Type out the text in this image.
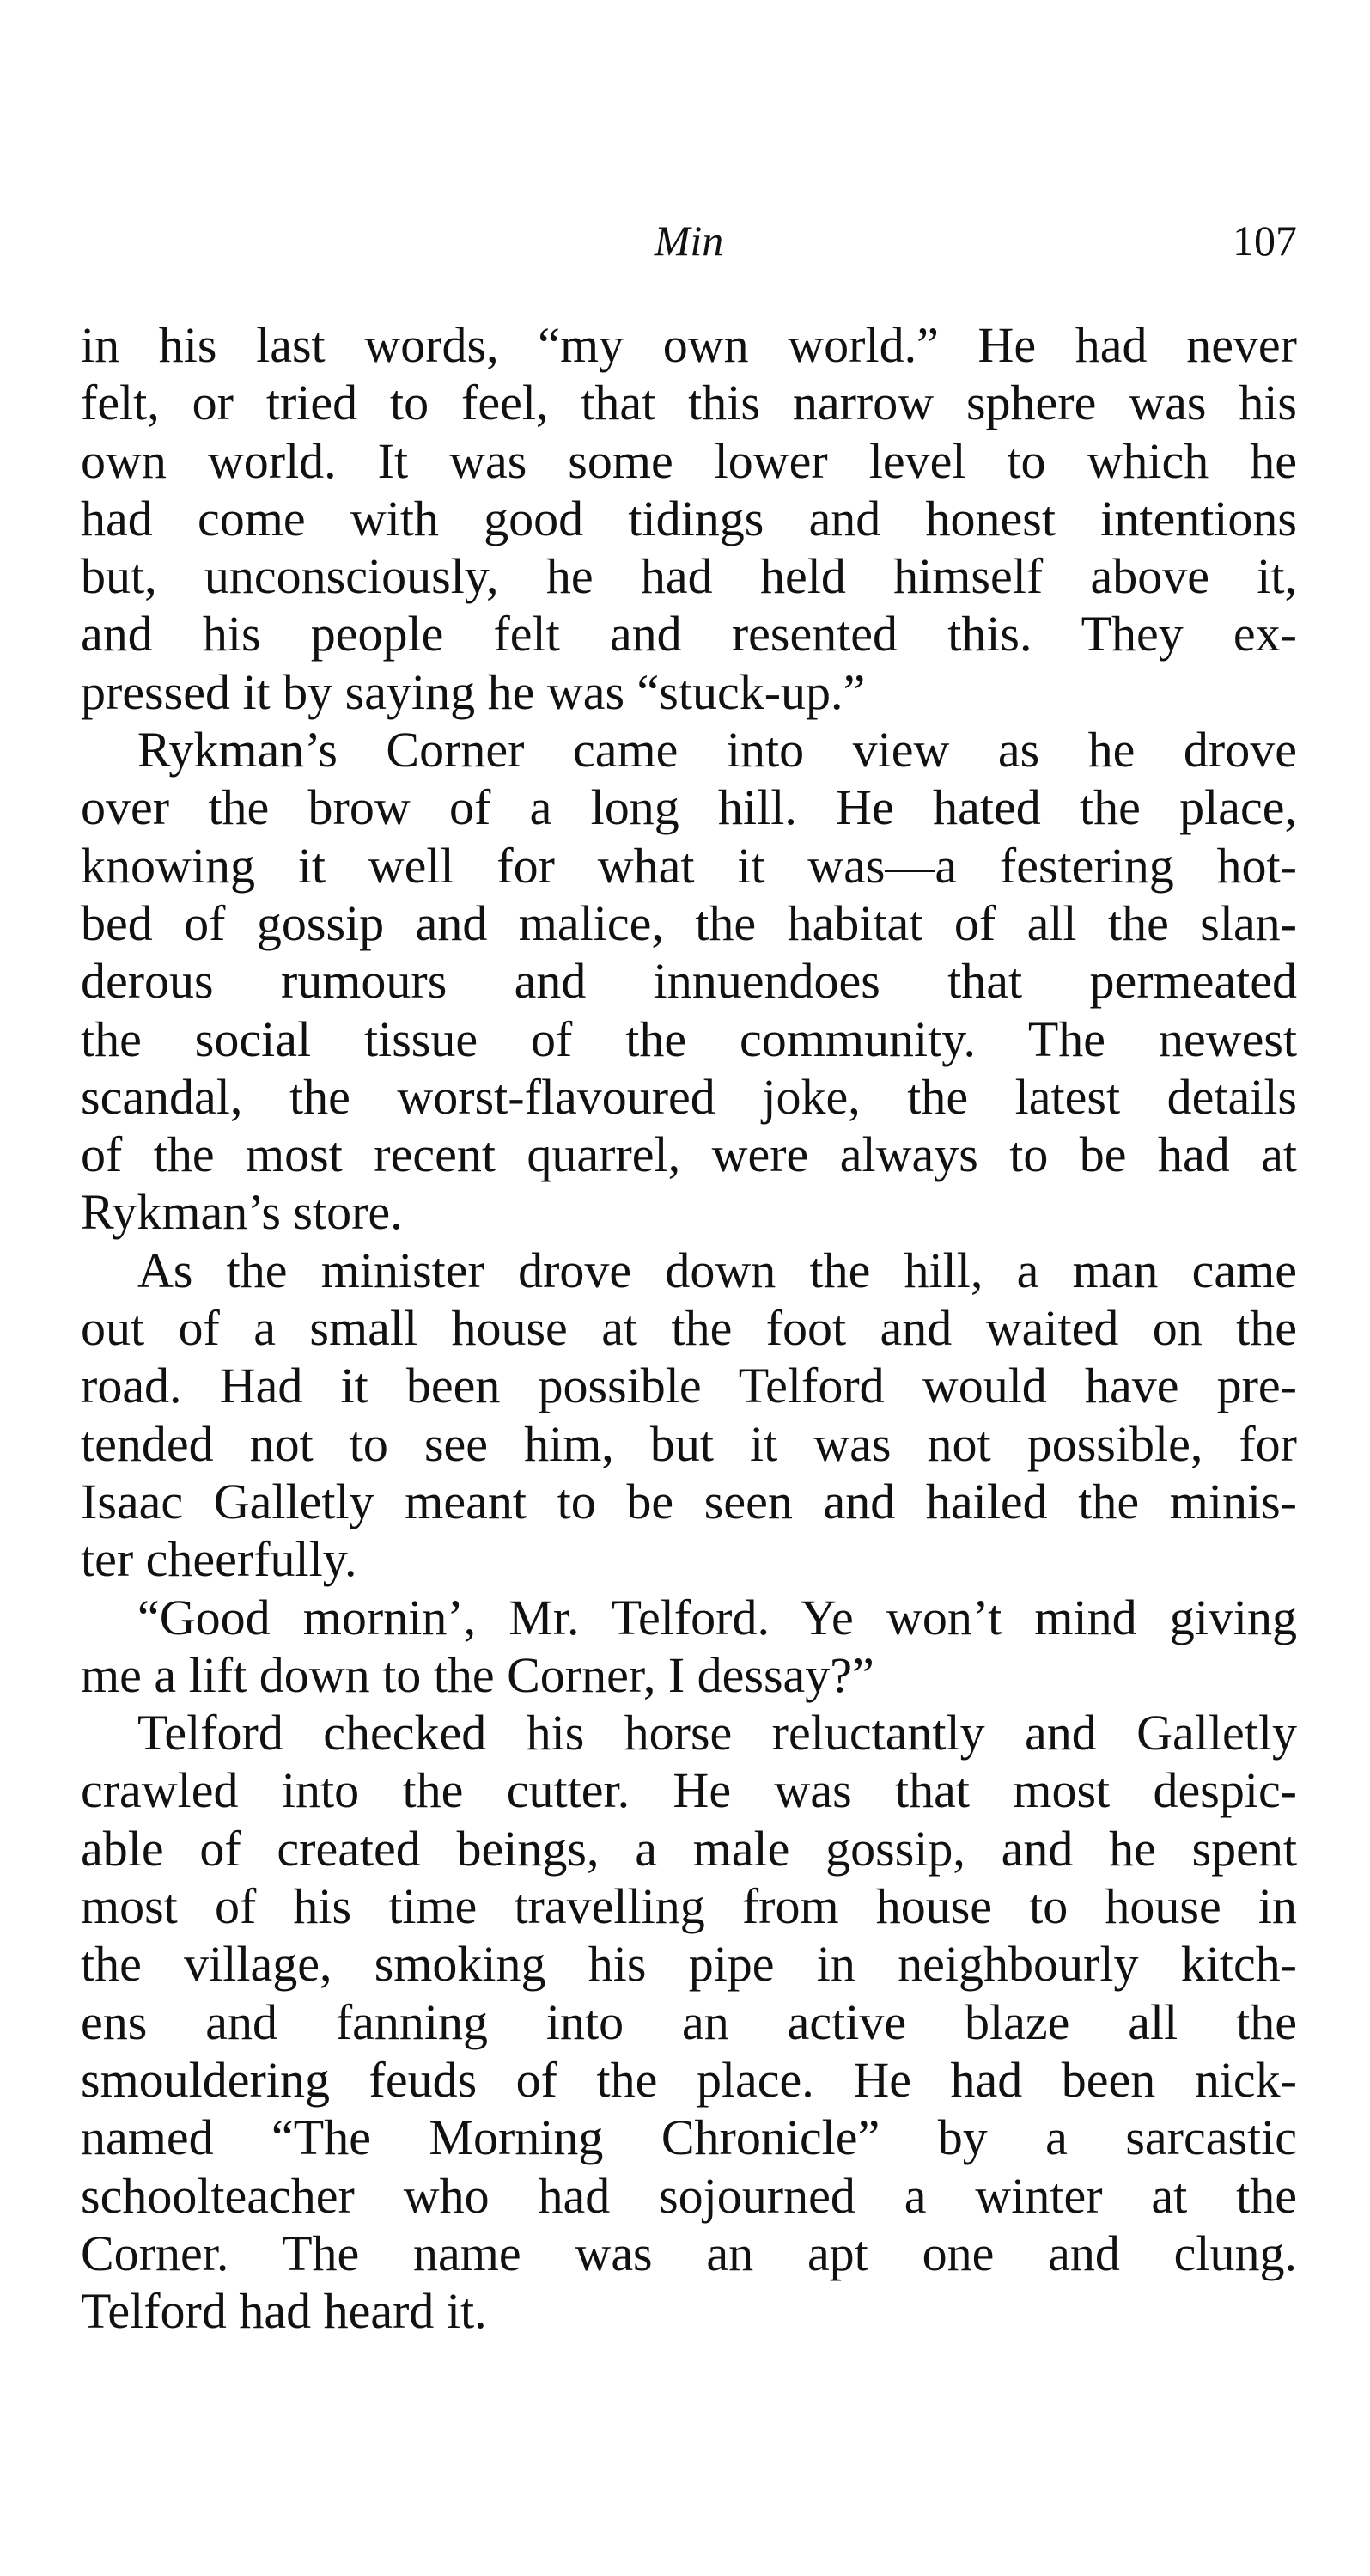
Min	107
in his last words, “my own world.” He had never
felt, or tried to feel, that this narrow sphere was his
own world. It was some lower level to which he
had come with good tidings and honest intentions
but, unconsciously, he had held himself above it,
and his people felt and resented this. They ex-
pressed it by saying he was “stuck-up.”
Rykman’s Corner came into view as he drove
over the brow of a long hill. He hated the place,
knowing it well for what it was—a festering hot-
bed of gossip and malice, the habitat of all the slan-
derous rumours and innuendoes that permeated
the social tissue of the community. The newest
scandal, the worst-flavoured joke, the latest details
of the most recent quarrel, were always to be had at
Rykman’s store.
As the minister drove down the hill, a man came
out of a small house at the foot and waited on the
road. Had it been possible Telford would have pre-
tended not to see him, but it was not possible, for
Isaac Galletly meant to be seen and hailed the minis-
ter cheerfully.
“Good mornin’, Mr. Telford. Ye won’t mind giving
me a lift down to the Corner, I dessay?”
Telford checked his horse reluctantly and Galletly
crawled into the cutter. He was that most despic-
able of created beings, a male gossip, and he spent
most of his time travelling from house to house in
the village, smoking his pipe in neighbourly kitch-
ens and fanning into an active blaze all the
smouldering feuds of the place. He had been nick-
named “The Morning Chronicle” by a sarcastic
schoolteacher who had sojourned a winter at the
Corner. The name was an apt one and clung.
Telford had heard it.
